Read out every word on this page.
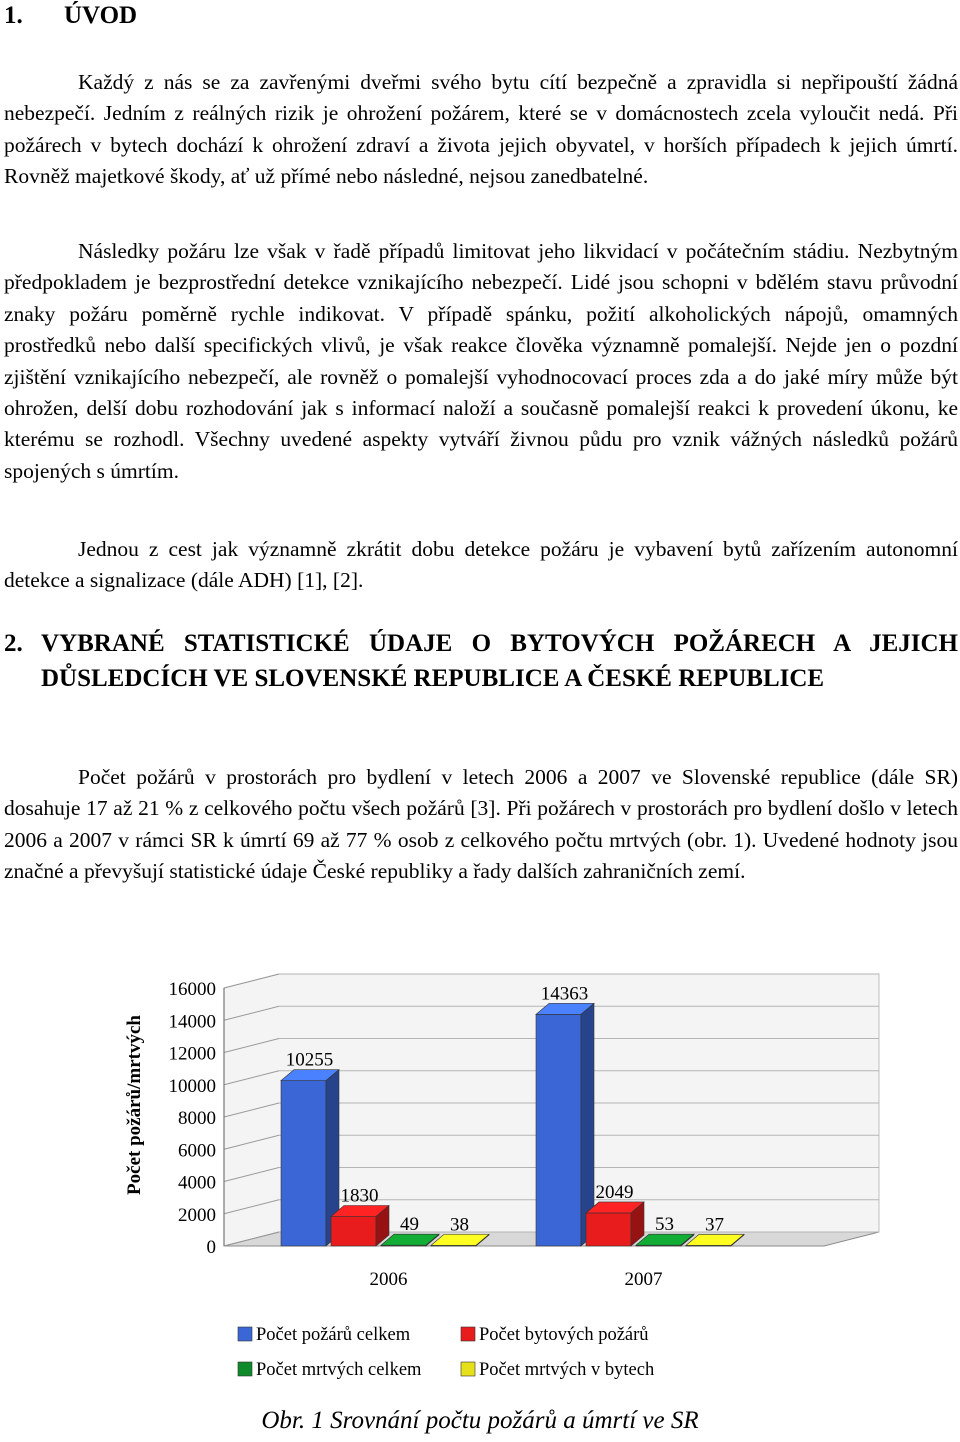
1. ÚVOD

Každý z nás se za zavřenými dveřmi svého bytu cítí bezpečně a zpravidla si nepřipouští žádná nebezpečí. Jedním z reálných rizik je ohrožení požárem, které se v domácnostech zcela vyloučit nedá. Při požárech v bytech dochází k ohrožení zdraví a života jejich obyvatel, v horších případech k jejich úmrtí. Rovněž majetkové škody, ať už přímé nebo následné, nejsou zanedbatelné.

Následky požáru lze však v řadě případů limitovat jeho likvidací v počátečním stádiu. Nezbytným předpokladem je bezprostřední detekce vznikajícího nebezpečí. Lidé jsou schopni v bdělém stavu průvodní znaky požáru poměrně rychle indikovat. V případě spánku, požití alkoholických nápojů, omamných prostředků nebo další specifických vlivů, je však reakce člověka významně pomalejší. Nejde jen o pozdní zjištění vznikajícího nebezpečí, ale rovněž o pomalejší vyhodnocovací proces zda a do jaké míry může být ohrožen, delší dobu rozhodování jak s informací naloží a současně pomalejší reakci k provedení úkonu, ke kterému se rozhodl. Všechny uvedené aspekty vytváří živnou půdu pro vznik vážných následků požárů spojených s úmrtím.

Jednou z cest jak významně zkrátit dobu detekce požáru je vybavení bytů zařízením autonomní detekce a signalizace (dále ADH) [1], [2].

2. VYBRANÉ STATISTICKÉ ÚDAJE O BYTOVÝCH POŽÁRECH A JEJICH DŮSLEDCÍCH VE SLOVENSKÉ REPUBLICE A ČESKÉ REPUBLICE

Počet požárů v prostorách pro bydlení v letech 2006 a 2007 ve Slovenské republice (dále SR) dosahuje 17 až 21 % z celkového počtu všech požárů [3]. Při požárech v prostorách pro bydlení došlo v letech 2006 a 2007 v rámci SR k úmrtí 69 až 77 % osob z celkového počtu mrtvých (obr. 1). Uvedené hodnoty jsou značné a převyšují statistické údaje České republiky a řady dalších zahraničních zemí.

0
2000
4000
6000
8000
10000
12000
14000
16000
Počet požárů/mrtvých	10255
1830
49 38
2006
14363
2049
53 37
2007
Počet požárů celkem	Počet bytových požárů
Počet mrtvých celkem	Počet mrtvých v bytech

Obr. 1 Srovnání počtu požárů a úmrtí ve SR
